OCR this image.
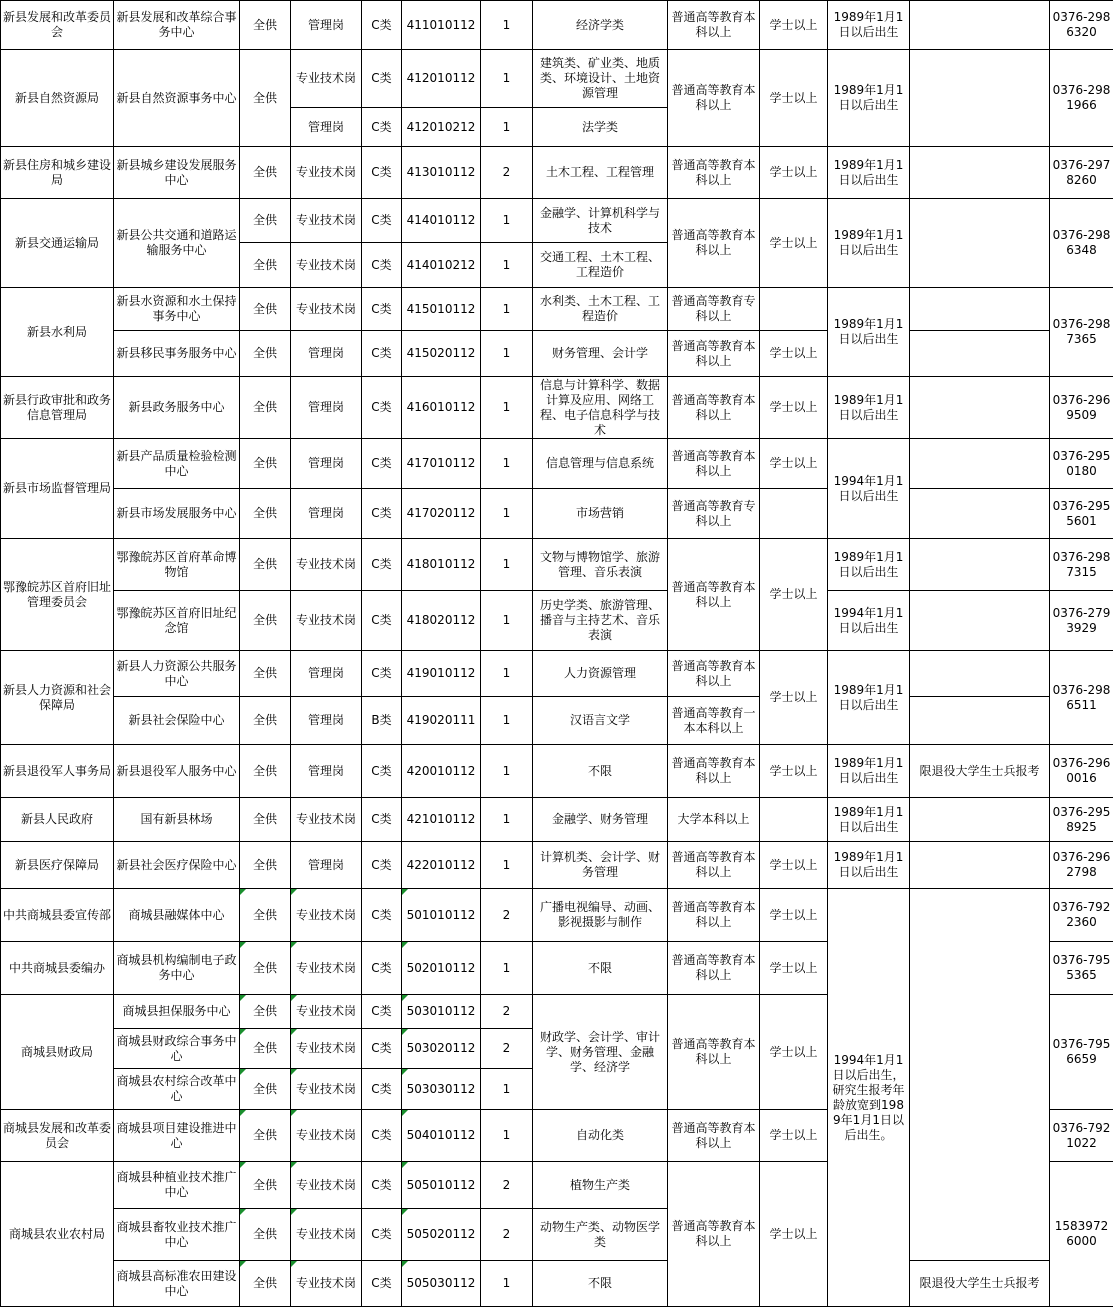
新县发展和改革委员会	新县发展和改革综合事务中心	全供	管理岗	C类	411010112	1	经济学类	普通高等教育本科以上	学士以上	1989年1月1日以后出生		0376-2986320
新县自然资源局	新县自然资源事务中心	全供	专业技术岗	C类	412010112	1	建筑类、矿业类、地质类、环境设计、土地资源管理	普通高等教育本科以上	学士以上	1989年1月1日以后出生		0376-2981966
			管理岗	C类	412010212	1	法学类					
新县住房和城乡建设局	新县城乡建设发展服务中心	全供	专业技术岗	C类	413010112	2	土木工程、工程管理	普通高等教育本科以上	学士以上	1989年1月1日以后出生		0376-2978260
新县交通运输局	新县公共交通和道路运输服务中心	全供	专业技术岗	C类	414010112	1	金融学、计算机科学与技术	普通高等教育本科以上	学士以上	1989年1月1日以后出生		0376-2986348
		全供	专业技术岗	C类	414010212	1	交通工程、土木工程、工程造价					
新县水利局	新县水资源和水土保持事务中心	全供	专业技术岗	C类	415010112	1	水利类、土木工程、工程造价	普通高等教育专科以上		1989年1月1日以后出生		0376-2987365
	新县移民事务服务中心	全供	管理岗	C类	415020112	1	财务管理、会计学	普通高等教育本科以上	学士以上			
新县行政审批和政务信息管理局	新县政务服务中心	全供	管理岗	C类	416010112	1	信息与计算科学、数据计算及应用、网络工程、电子信息科学与技术	普通高等教育本科以上	学士以上	1989年1月1日以后出生		0376-2969509
新县市场监督管理局	新县产品质量检验检测中心	全供	管理岗	C类	417010112	1	信息管理与信息系统	普通高等教育本科以上	学士以上	1994年1月1日以后出生		0376-2950180
	新县市场发展服务中心	全供	管理岗	C类	417020112	1	市场营销	普通高等教育专科以上				0376-2955601
鄂豫皖苏区首府旧址管理委员会	鄂豫皖苏区首府革命博物馆	全供	专业技术岗	C类	418010112	1	文物与博物馆学、旅游管理、音乐表演	普通高等教育本科以上	学士以上	1989年1月1日以后出生		0376-2987315
	鄂豫皖苏区首府旧址纪念馆	全供	专业技术岗	C类	418020112	1	历史学类、旅游管理、播音与主持艺术、音乐表演			1994年1月1日以后出生		0376-2793929
新县人力资源和社会保障局	新县人力资源公共服务中心	全供	管理岗	C类	419010112	1	人力资源管理	普通高等教育本科以上	学士以上	1989年1月1日以后出生		0376-2986511
	新县社会保险中心	全供	管理岗	B类	419020111	1	汉语言文学	普通高等教育一本本科以上				
新县退役军人事务局	新县退役军人服务中心	全供	管理岗	C类	420010112	1	不限	普通高等教育本科以上	学士以上	1989年1月1日以后出生	限退役大学生士兵报考	0376-2960016
新县人民政府	国有新县林场	全供	专业技术岗	C类	421010112	1	金融学、财务管理	大学本科以上		1989年1月1日以后出生		0376-2958925
新县医疗保障局	新县社会医疗保险中心	全供	管理岗	C类	422010112	1	计算机类、会计学、财务管理	普通高等教育本科以上	学士以上	1989年1月1日以后出生		0376-2962798
中共商城县委宣传部	商城县融媒体中心	全供	专业技术岗	C类	501010112	2	广播电视编导、动画、影视摄影与制作	普通高等教育本科以上	学士以上	1994年1月1日以后出生，研究生报考年龄放宽到1989年1月1日以后出生。		0376-7922360
中共商城县委编办	商城县机构编制电子政务中心	全供	专业技术岗	C类	502010112	1	不限	普通高等教育本科以上	学士以上			0376-7955365
商城县财政局	商城县担保服务中心	全供	专业技术岗	C类	503010112	2	财政学、会计学、审计学、财务管理、金融学、经济学	普通高等教育本科以上	学士以上			0376-7956659
	商城县财政综合事务中心	全供	专业技术岗	C类	503020112	2						
	商城县农村综合改革中心	全供	专业技术岗	C类	503030112	1						
商城县发展和改革委员会	商城县项目建设推进中心	全供	专业技术岗	C类	504010112	1	自动化类	普通高等教育本科以上	学士以上			0376-7921022
商城县农业农村局	商城县种植业技术推广中心	全供	专业技术岗	C类	505010112	2	植物生产类	普通高等教育本科以上	学士以上			15839726000
	商城县畜牧业技术推广中心	全供	专业技术岗	C类	505020112	2	动物生产类、动物医学类					
	商城县高标准农田建设中心	全供	专业技术岗	C类	505030112	1	不限				限退役大学生士兵报考	
